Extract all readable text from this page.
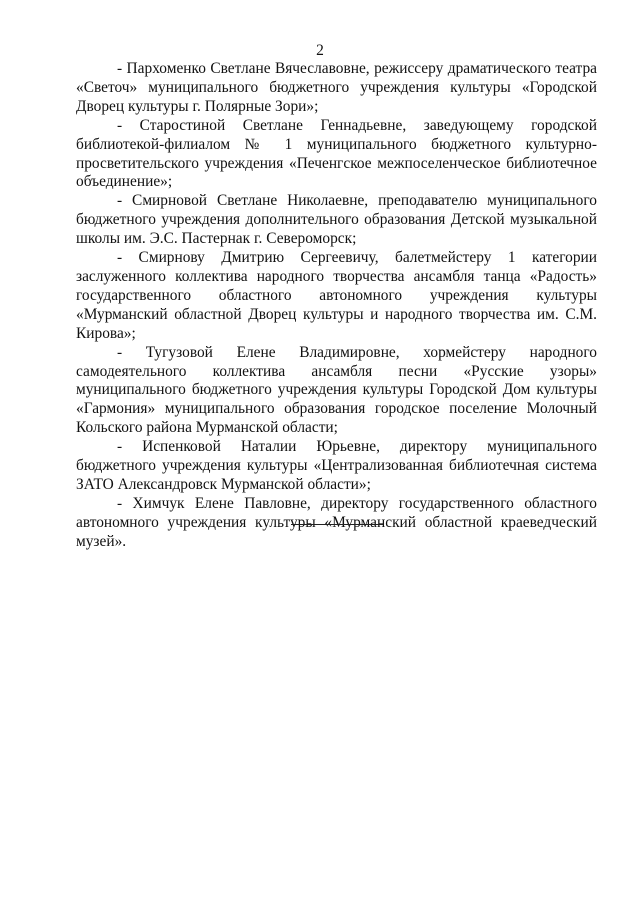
2

- Пархоменко Светлане Вячеславовне, режиссеру драматического театра «Светоч» муниципального бюджетного учреждения культуры «Городской Дворец культуры г. Полярные Зори»;

- Старостиной Светлане Геннадьевне, заведующему городской библиотекой-филиалом № 1 муниципального бюджетного культурно-просветительского учреждения «Печенгское межпоселенческое библиотечное объединение»;

- Смирновой Светлане Николаевне, преподавателю муниципального бюджетного учреждения дополнительного образования Детской музыкальной школы им. Э.С. Пастернак г. Североморск;

- Смирнову Дмитрию Сергеевичу, балетмейстеру 1 категории заслуженного коллектива народного творчества ансамбля танца «Радость» государственного областного автономного учреждения культуры «Мурманский областной Дворец культуры и народного творчества им. С.М. Кирова»;

- Тугузовой Елене Владимировне, хормейстеру народного самодеятельного коллектива ансамбля песни «Русские узоры» муниципального бюджетного учреждения культуры Городской Дом культуры «Гармония» муниципального образования городское поселение Молочный Кольского района Мурманской области;

- Испенковой Наталии Юрьевне, директору муниципального бюджетного учреждения культуры «Централизованная библиотечная система ЗАТО Александровск Мурманской области»;

- Химчук Елене Павловне, директору государственного областного автономного учреждения культуры «Мурманский областной краеведческий музей».
